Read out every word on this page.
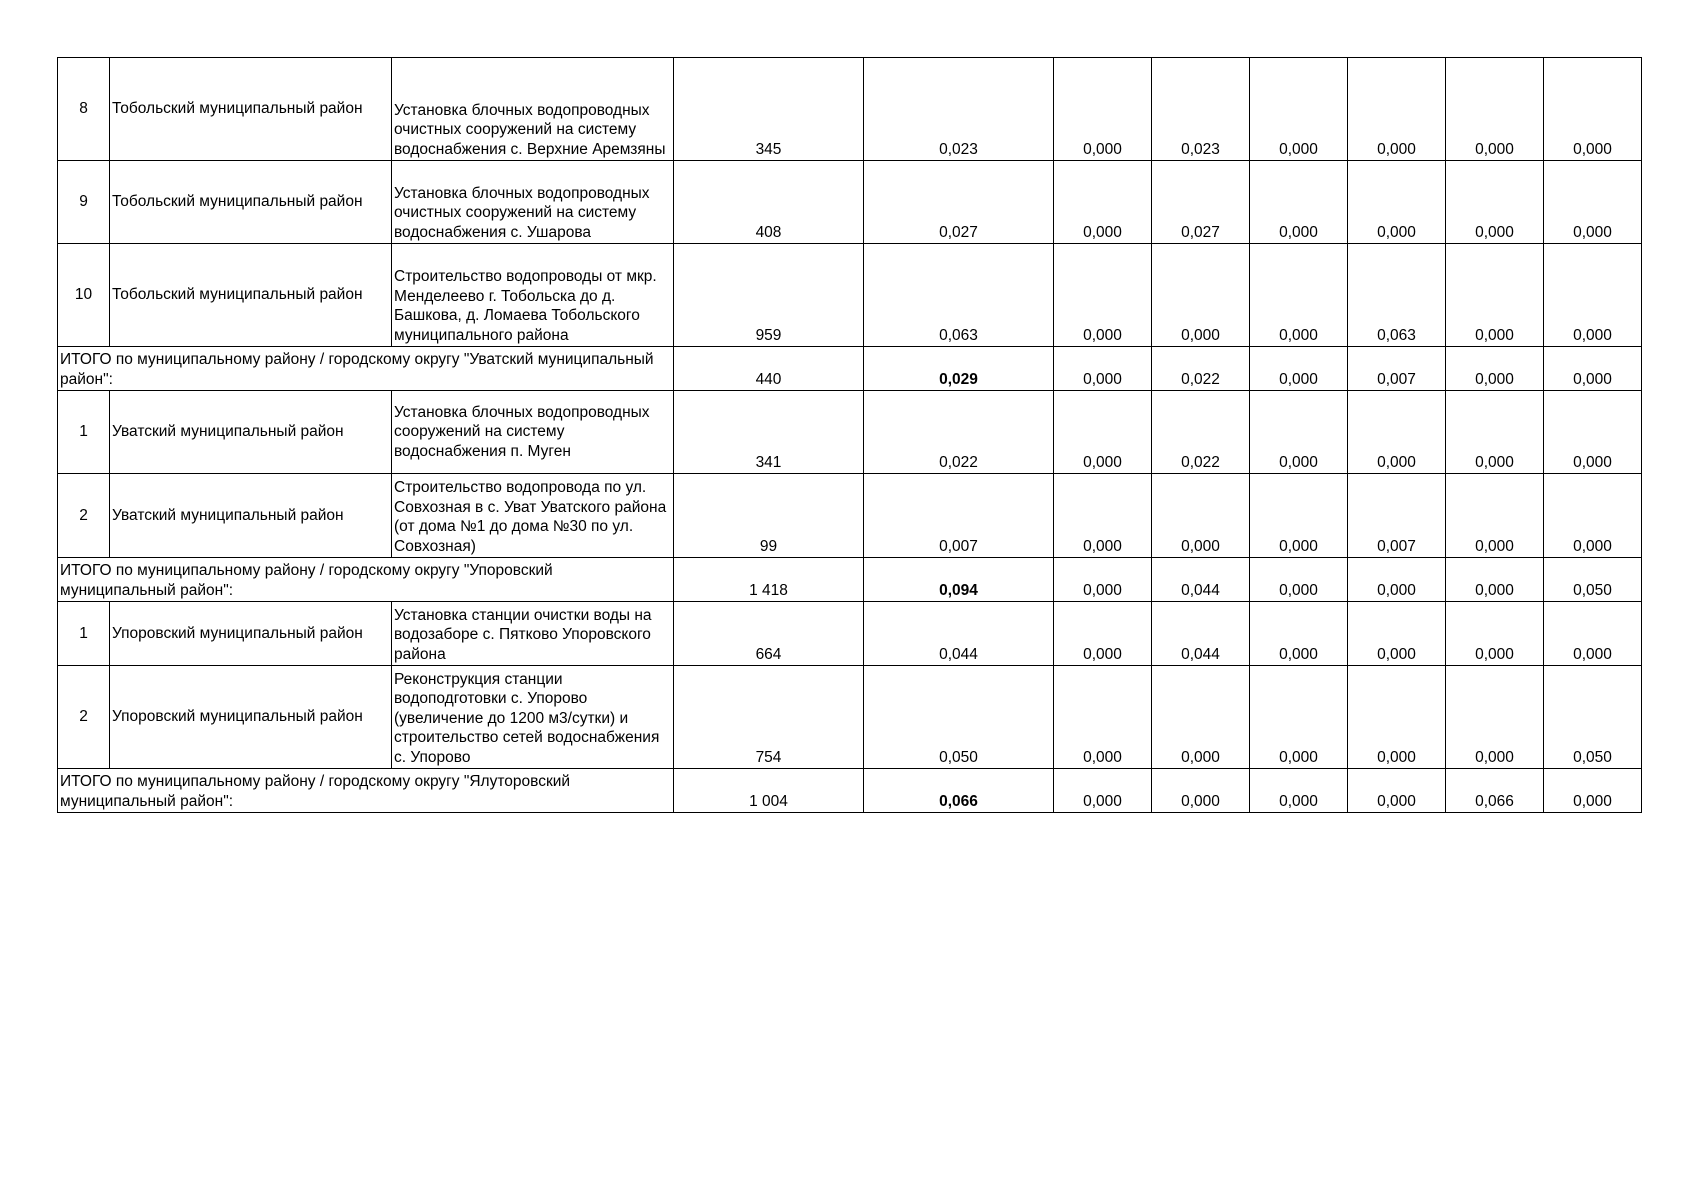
8	Тобольский муниципальный район	Установка блочных водопроводных очистных сооружений на систему водоснабжения с. Верхние Аремзяны	345	0,023	0,000	0,023	0,000	0,000	0,000	0,000
9	Тобольский муниципальный район	Установка блочных водопроводных очистных сооружений на систему водоснабжения с. Ушарова	408	0,027	0,000	0,027	0,000	0,000	0,000	0,000
10	Тобольский муниципальный район	Строительство водопроводы от мкр. Менделеево г. Тобольска до д. Башкова, д. Ломаева Тобольского муниципального района	959	0,063	0,000	0,000	0,000	0,063	0,000	0,000
ИТОГО по муниципальному району / городскому округу "Уватский муниципальный район":			440	0,029	0,000	0,022	0,000	0,007	0,000	0,000
1	Уватский муниципальный район	Установка блочных водопроводных сооружений на систему водоснабжения п. Муген	341	0,022	0,000	0,022	0,000	0,000	0,000	0,000
2	Уватский муниципальный район	Строительство водопровода по ул. Совхозная в с. Уват Уватского района (от дома №1 до дома №30 по ул. Совхозная)	99	0,007	0,000	0,000	0,000	0,007	0,000	0,000
ИТОГО по муниципальному району / городскому округу "Упоровский муниципальный район":			1 418	0,094	0,000	0,044	0,000	0,000	0,000	0,050
1	Упоровский муниципальный район	Установка станции очистки воды на водозаборе с. Пятково Упоровского района	664	0,044	0,000	0,044	0,000	0,000	0,000	0,000
2	Упоровский муниципальный район	Реконструкция станции водоподготовки с. Упорово (увеличение до 1200 м3/сутки) и строительство сетей водоснабжения с. Упорово	754	0,050	0,000	0,000	0,000	0,000	0,000	0,050
ИТОГО по муниципальному району / городскому округу "Ялуторовский муниципальный район":			1 004	0,066	0,000	0,000	0,000	0,000	0,066	0,000
